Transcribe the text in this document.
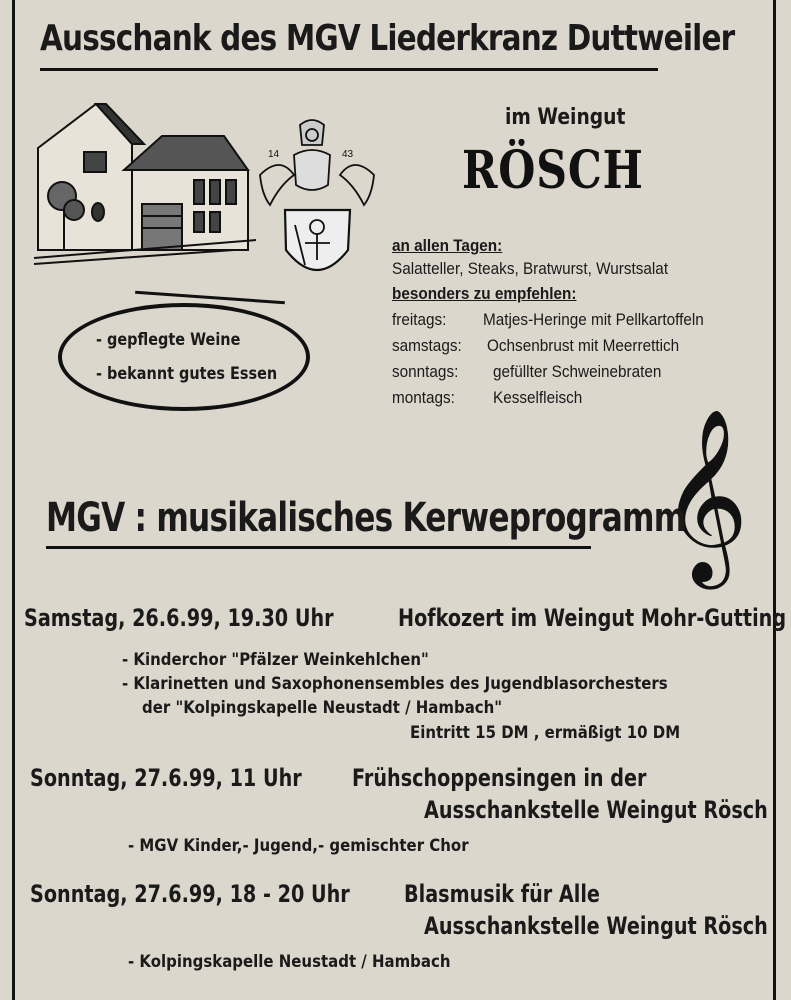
Ausschank des MGV Liederkranz Duttweiler
14	43
im Weingut
RÖSCH
an allen Tagen:
Salatteller, Steaks, Bratwurst, Wurstsalat
besonders zu empfehlen:
freitags: Matjes-Heringe mit Pellkartoffeln
samstags: Ochsenbrust mit Meerrettich
sonntags: gefüllter Schweinebraten
montags: Kesselfleisch
- gepflegte Weine
- bekannt gutes Essen
𝄞
MGV : musikalisches Kerweprogramm
Samstag, 26.6.99, 19.30 Uhr	Hofkozert im Weingut Mohr-Gutting
- Kinderchor "Pfälzer Weinkehlchen"
- Klarinetten und Saxophonensembles des Jugendblasorchesters
der "Kolpingskapelle Neustadt / Hambach"
Eintritt 15 DM , ermäßigt 10 DM
Sonntag, 27.6.99, 11 Uhr Frühschoppensingen in der
Ausschankstelle Weingut Rösch
- MGV Kinder,- Jugend,- gemischter Chor
Sonntag, 27.6.99, 18 - 20 Uhr Blasmusik für Alle
Ausschankstelle Weingut Rösch
- Kolpingskapelle Neustadt / Hambach
